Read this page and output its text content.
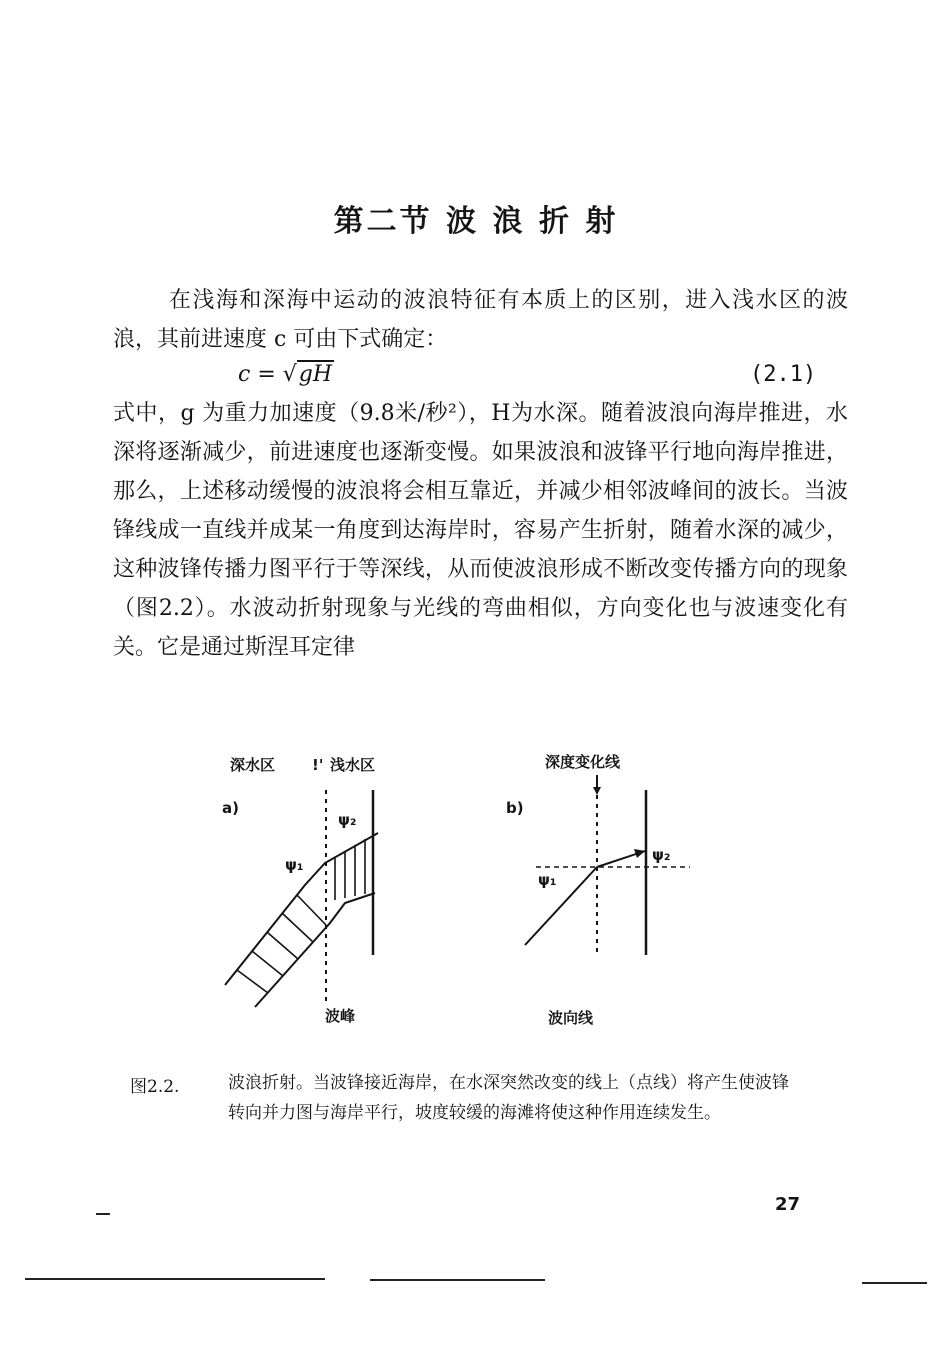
第二节 波 浪 折 射

在浅海和深海中运动的波浪特征有本质上的区别，进入浅水区的波浪，其前进速度 c 可由下式确定：

c = √gH	(2.1)

式中，g 为重力加速度（9.8米/秒²），H为水深。随着波浪向海岸推进，水深将逐渐减少，前进速度也逐渐变慢。如果波浪和波锋平行地向海岸推进，那么，上述移动缓慢的波浪将会相互靠近，并减少相邻波峰间的波长。当波锋线成一直线并成某一角度到达海岸时，容易产生折射，随着水深的减少，这种波锋传播力图平行于等深线，从而使波浪形成不断改变传播方向的现象（图2.2）。水波动折射现象与光线的弯曲相似，方向变化也与波速变化有关。它是通过斯涅耳定律

深水区 !' 浅水区
a)
ψ₂
ψ₁
波峰
深度变化线
b)
ψ₁
ψ₂
波向线
图2.2.	波浪折射。当波锋接近海岸，在水深突然改变的线上（点线）将产生使波锋转向并力图与海岸平行，坡度较缓的海滩将使这种作用连续发生。

27
